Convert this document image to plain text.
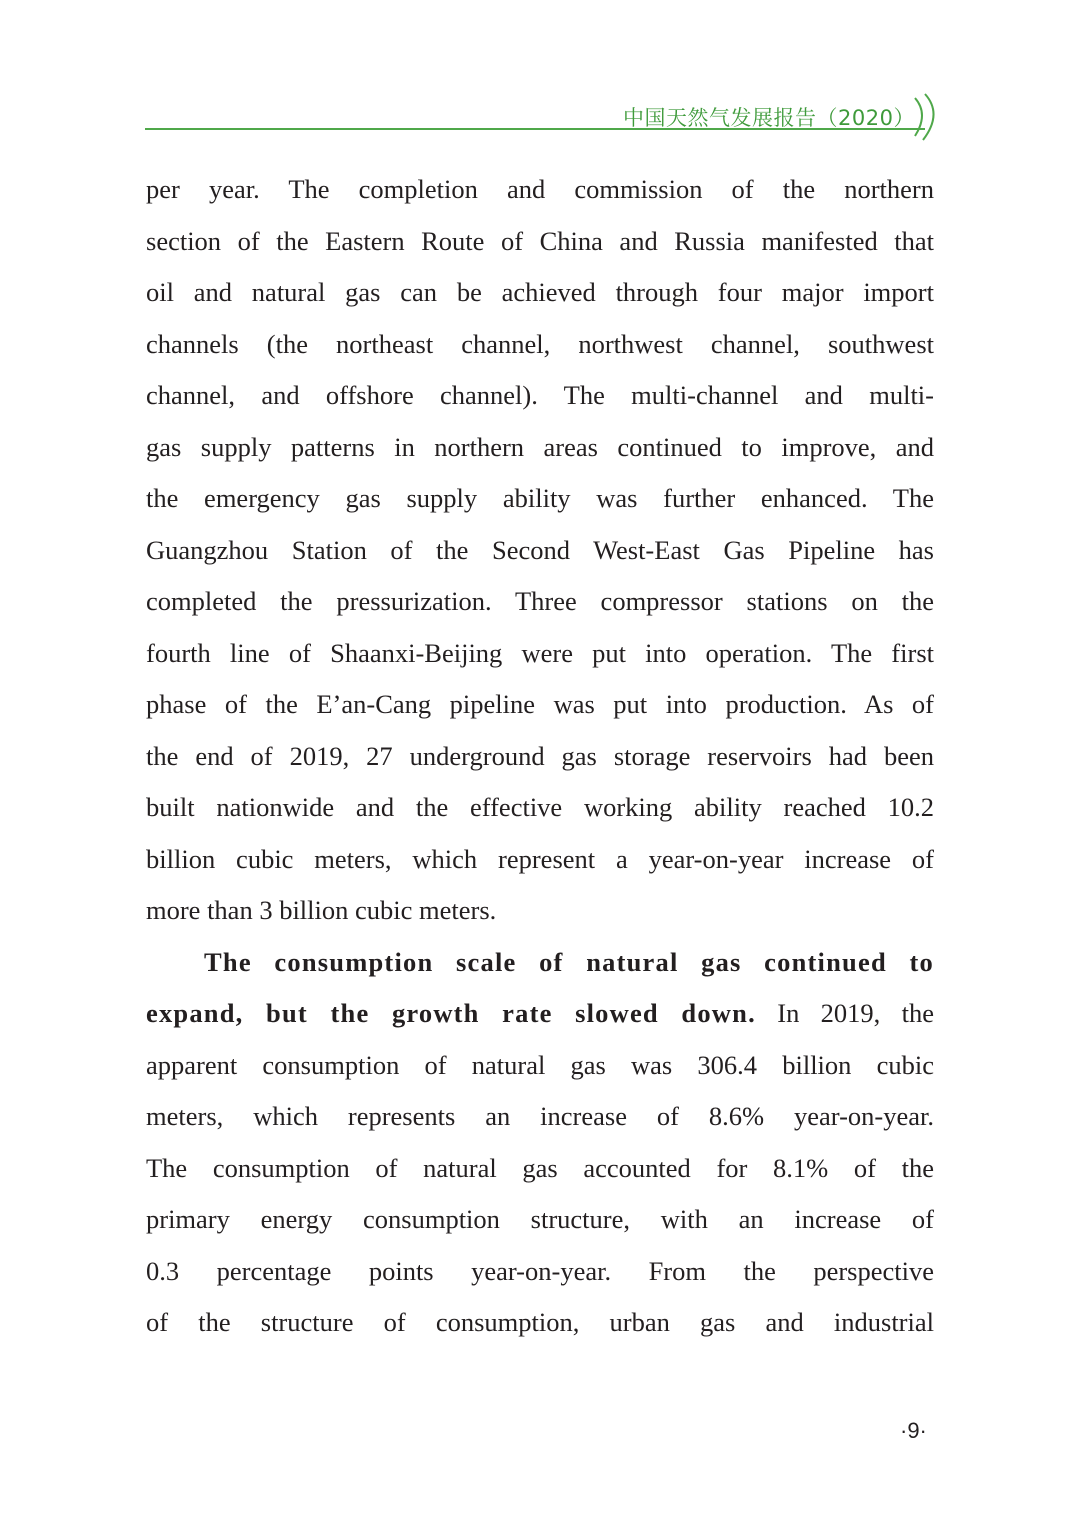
中国天然气发展报告（2020）
per year. The completion and commission of the northern
section of the Eastern Route of China and Russia manifested that
oil and natural gas can be achieved through four major import
channels (the northeast channel, northwest channel, southwest
channel, and offshore channel). The multi-channel and multi-
gas supply patterns in northern areas continued to improve, and
the emergency gas supply ability was further enhanced. The
Guangzhou Station of the Second West-East Gas Pipeline has
completed the pressurization. Three compressor stations on the
fourth line of Shaanxi-Beijing were put into operation. The first
phase of the E’an-Cang pipeline was put into production. As of
the end of 2019, 27 underground gas storage reservoirs had been
built nationwide and the effective working ability reached 10.2
billion cubic meters, which represent a year-on-year increase of
more than 3 billion cubic meters.
The consumption scale of natural gas continued to
expand, but the growth rate slowed down. In 2019, the
apparent consumption of natural gas was 306.4 billion cubic
meters, which represents an increase of 8.6% year-on-year.
The consumption of natural gas accounted for 8.1% of the
primary energy consumption structure, with an increase of
0.3 percentage points year-on-year. From the perspective
of the structure of consumption, urban gas and industrial
·9·
